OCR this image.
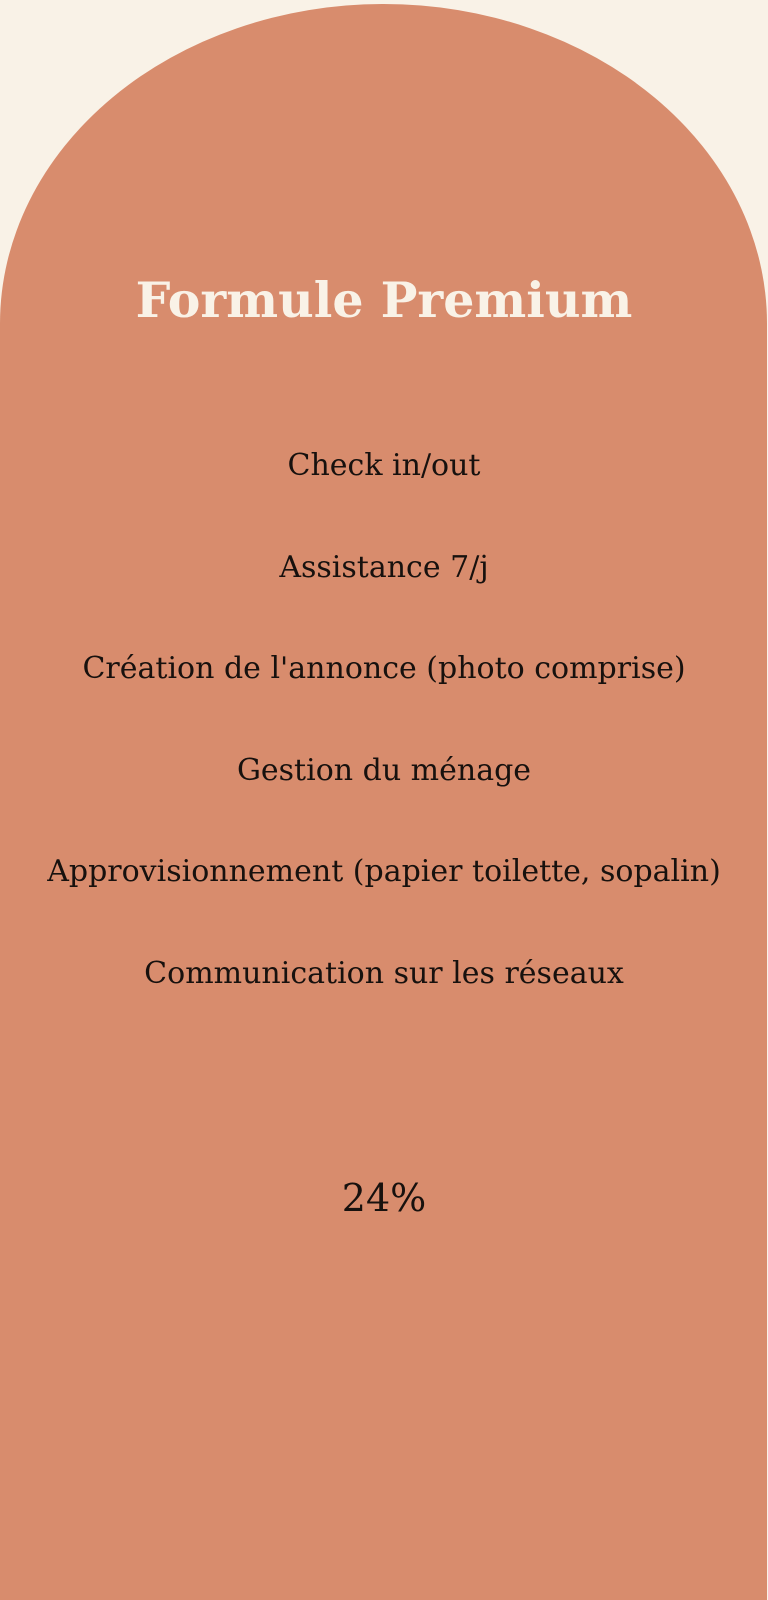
Formule Premium
Check in/out
Assistance 7/j
Création de l'annonce (photo comprise)
Gestion du ménage
Approvisionnement (papier toilette, sopalin)
Communication sur les réseaux
24%
